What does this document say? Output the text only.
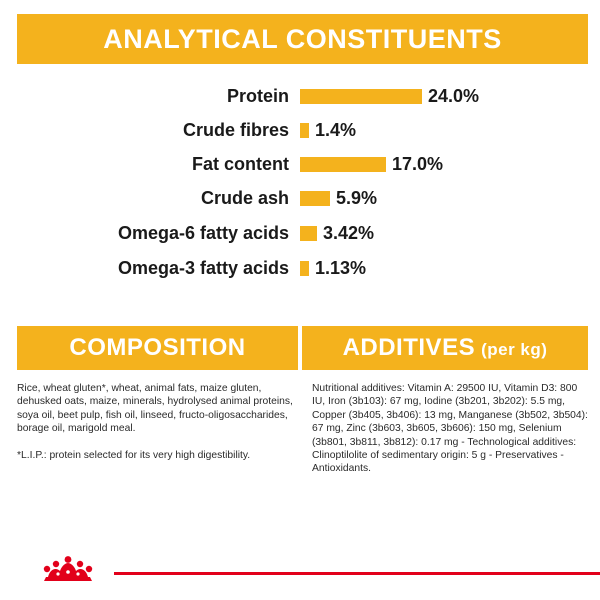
ANALYTICAL CONSTITUENTS
Protein	24.0%
Crude fibres 1.4%
Fat content	17.0%
Crude ash	5.9%
Omega-6 fatty acids 3.42%
Omega-3 fatty acids 1.13%
COMPOSITION	ADDITIVES (per kg)
Rice, wheat gluten*, wheat, animal fats, maize gluten, dehusked oats, maize, minerals, hydrolysed animal proteins, soya oil, beet pulp, fish oil, linseed, fructo-oligosaccharides, borage oil, marigold meal.
*L.I.P.: protein selected for its very high digestibility.
Nutritional additives: Vitamin A: 29500 IU, Vitamin D3: 800 IU, Iron (3b103): 67 mg, Iodine (3b201, 3b202): 5.5 mg, Copper (3b405, 3b406): 13 mg, Manganese (3b502, 3b504): 67 mg, Zinc (3b603, 3b605, 3b606): 150 mg, Selenium (3b801, 3b811, 3b812): 0.17 mg - Technological additives: Clinoptilolite of sedimentary origin: 5 g - Preservatives - Antioxidants.
